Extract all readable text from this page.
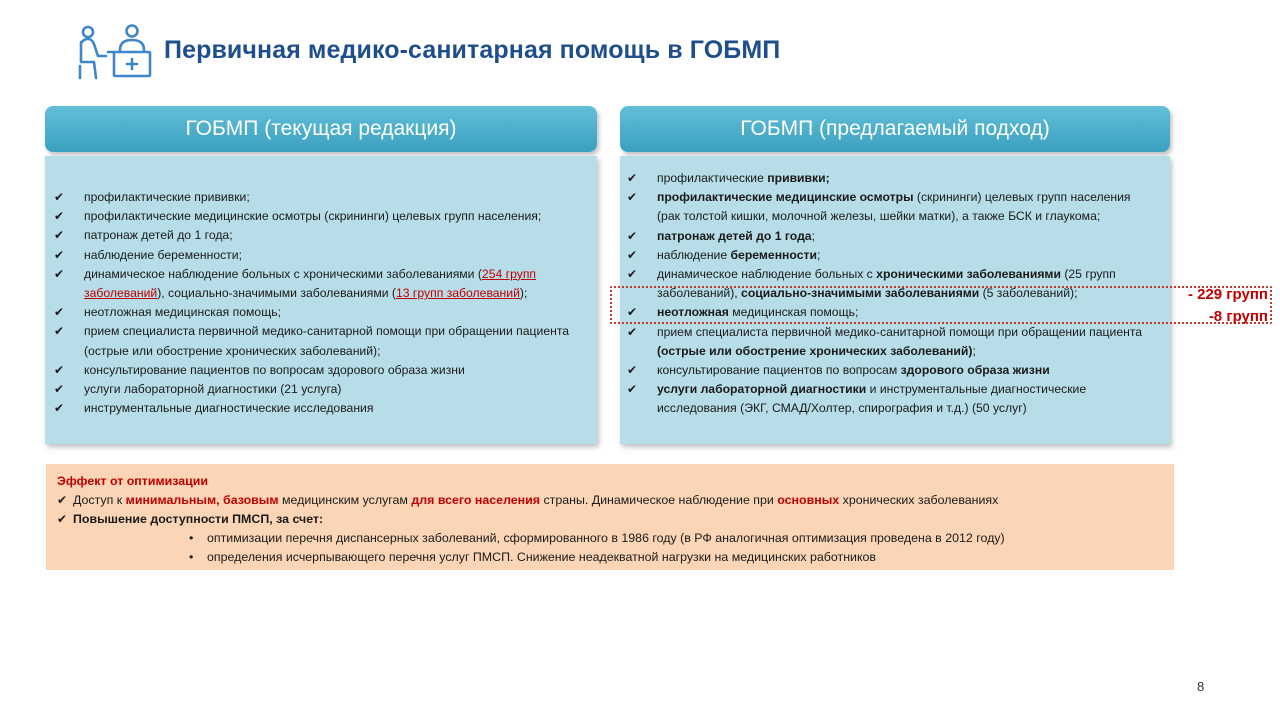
Первичная медико-санитарная помощь в ГОБМП
ГОБМП (текущая редакция)
✔ профилактические прививки;
✔ профилактические медицинские осмотры (скрининги) целевых групп населения;
✔ патронаж детей до 1 года;
✔ наблюдение беременности;
✔ динамическое наблюдение больных с хроническими заболеваниями (254 групп заболеваний), социально-значимыми заболеваниями (13 групп заболеваний);
✔ неотложная медицинская помощь;
✔ прием специалиста первичной медико-санитарной помощи при обращении пациента (острые или обострение хронических заболеваний);
✔ консультирование пациентов по вопросам здорового образа жизни
✔ услуги лабораторной диагностики (21 услуга)
✔ инструментальные диагностические исследования
ГОБМП (предлагаемый подход)
✔ профилактические прививки;
✔ профилактические медицинские осмотры (скрининги) целевых групп населения (рак толстой кишки, молочной железы, шейки матки), а также БСК и глаукома;
✔ патронаж детей до 1 года;
✔ наблюдение беременности;
✔ динамическое наблюдение больных с хроническими заболеваниями (25 групп заболеваний), социально-значимыми заболеваниями (5 заболеваний);
✔ неотложная медицинская помощь;
✔ прием специалиста первичной медико-санитарной помощи при обращении пациента (острые или обострение хронических заболеваний);
✔ консультирование пациентов по вопросам здорового образа жизни
✔ услуги лабораторной диагностики и инструментальные диагностические исследования (ЭКГ, СМАД/Холтер, спирография и т.д.) (50 услуг)
- 229 групп
-8 групп
Эффект от оптимизации
✔ Доступ к минимальным, базовым медицинским услугам для всего населения страны. Динамическое наблюдение при основных хронических заболеваниях
✔ Повышение доступности ПМСП, за счет:
• оптимизации перечня диспансерных заболеваний, сформированного в 1986 году (в РФ аналогичная оптимизация проведена в 2012 году)
• определения исчерпывающего перечня услуг ПМСП. Снижение неадекватной нагрузки на медицинских работников
8
